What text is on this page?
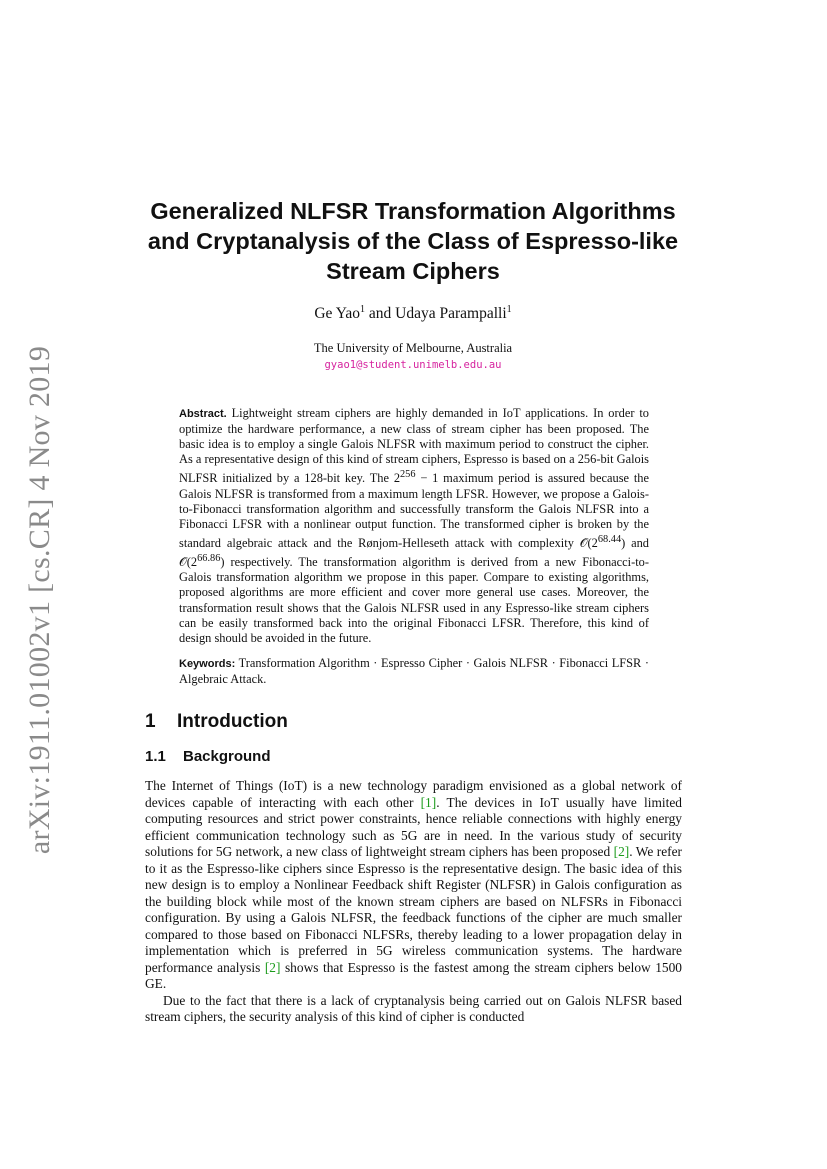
arXiv:1911.01002v1 [cs.CR] 4 Nov 2019
Generalized NLFSR Transformation Algorithms
and Cryptanalysis of the Class of Espresso-like
Stream Ciphers
Ge Yao$^1$ and Udaya Parampalli$^1$
The University of Melbourne, Australia
gyao1@student.unimelb.edu.au
Abstract. Lightweight stream ciphers are highly demanded in IoT applications. In order to optimize the hardware performance, a new class of stream cipher has been proposed. The basic idea is to employ a single Galois NLFSR with maximum period to construct the cipher. As a representative design of this kind of stream ciphers, Espresso is based on a 256-bit Galois NLFSR initialized by a 128-bit key. The $2^{256} - 1$ maximum period is assured because the Galois NLFSR is transformed from a maximum length LFSR. However, we propose a Galois-to-Fibonacci transformation algorithm and successfully transform the Galois NLFSR into a Fibonacci LFSR with a nonlinear output function. The transformed cipher is broken by the standard algebraic attack and the Rønjom-Helleseth attack with complexity $𝒪(2^{68.44})$ and $𝒪(2^{66.86})$ respectively. The transformation algorithm is derived from a new Fibonacci-to-Galois transformation algorithm we propose in this paper. Compare to existing algorithms, proposed algorithms are more efficient and cover more general use cases. Moreover, the transformation result shows that the Galois NLFSR used in any Espresso-like stream ciphers can be easily transformed back into the original Fibonacci LFSR. Therefore, this kind of design should be avoided in the future.
Keywords: Transformation Algorithm · Espresso Cipher · Galois NLFSR · Fibonacci LFSR · Algebraic Attack.
1 Introduction
1.1 Background

The Internet of Things (IoT) is a new technology paradigm envisioned as a global network of devices capable of interacting with each other [1]. The devices in IoT usually have limited computing resources and strict power constraints, hence reliable connections with highly energy efficient communication technology such as 5G are in need. In the various study of security solutions for 5G network, a new class of lightweight stream ciphers has been proposed [2]. We refer to it as the Espresso-like ciphers since Espresso is the representative design. The basic idea of this new design is to employ a Nonlinear Feedback shift Register (NLFSR) in Galois configuration as the building block while most of the known stream ciphers are based on NLFSRs in Fibonacci configuration. By using a Galois NLFSR, the feedback functions of the cipher are much smaller compared to those based on Fibonacci NLFSRs, thereby leading to a lower propagation delay in implementation which is preferred in 5G wireless communication systems. The hardware performance analysis [2] shows that Espresso is the fastest among the stream ciphers below 1500 GE.

Due to the fact that there is a lack of cryptanalysis being carried out on Galois NLFSR based stream ciphers, the security analysis of this kind of cipher is conducted
